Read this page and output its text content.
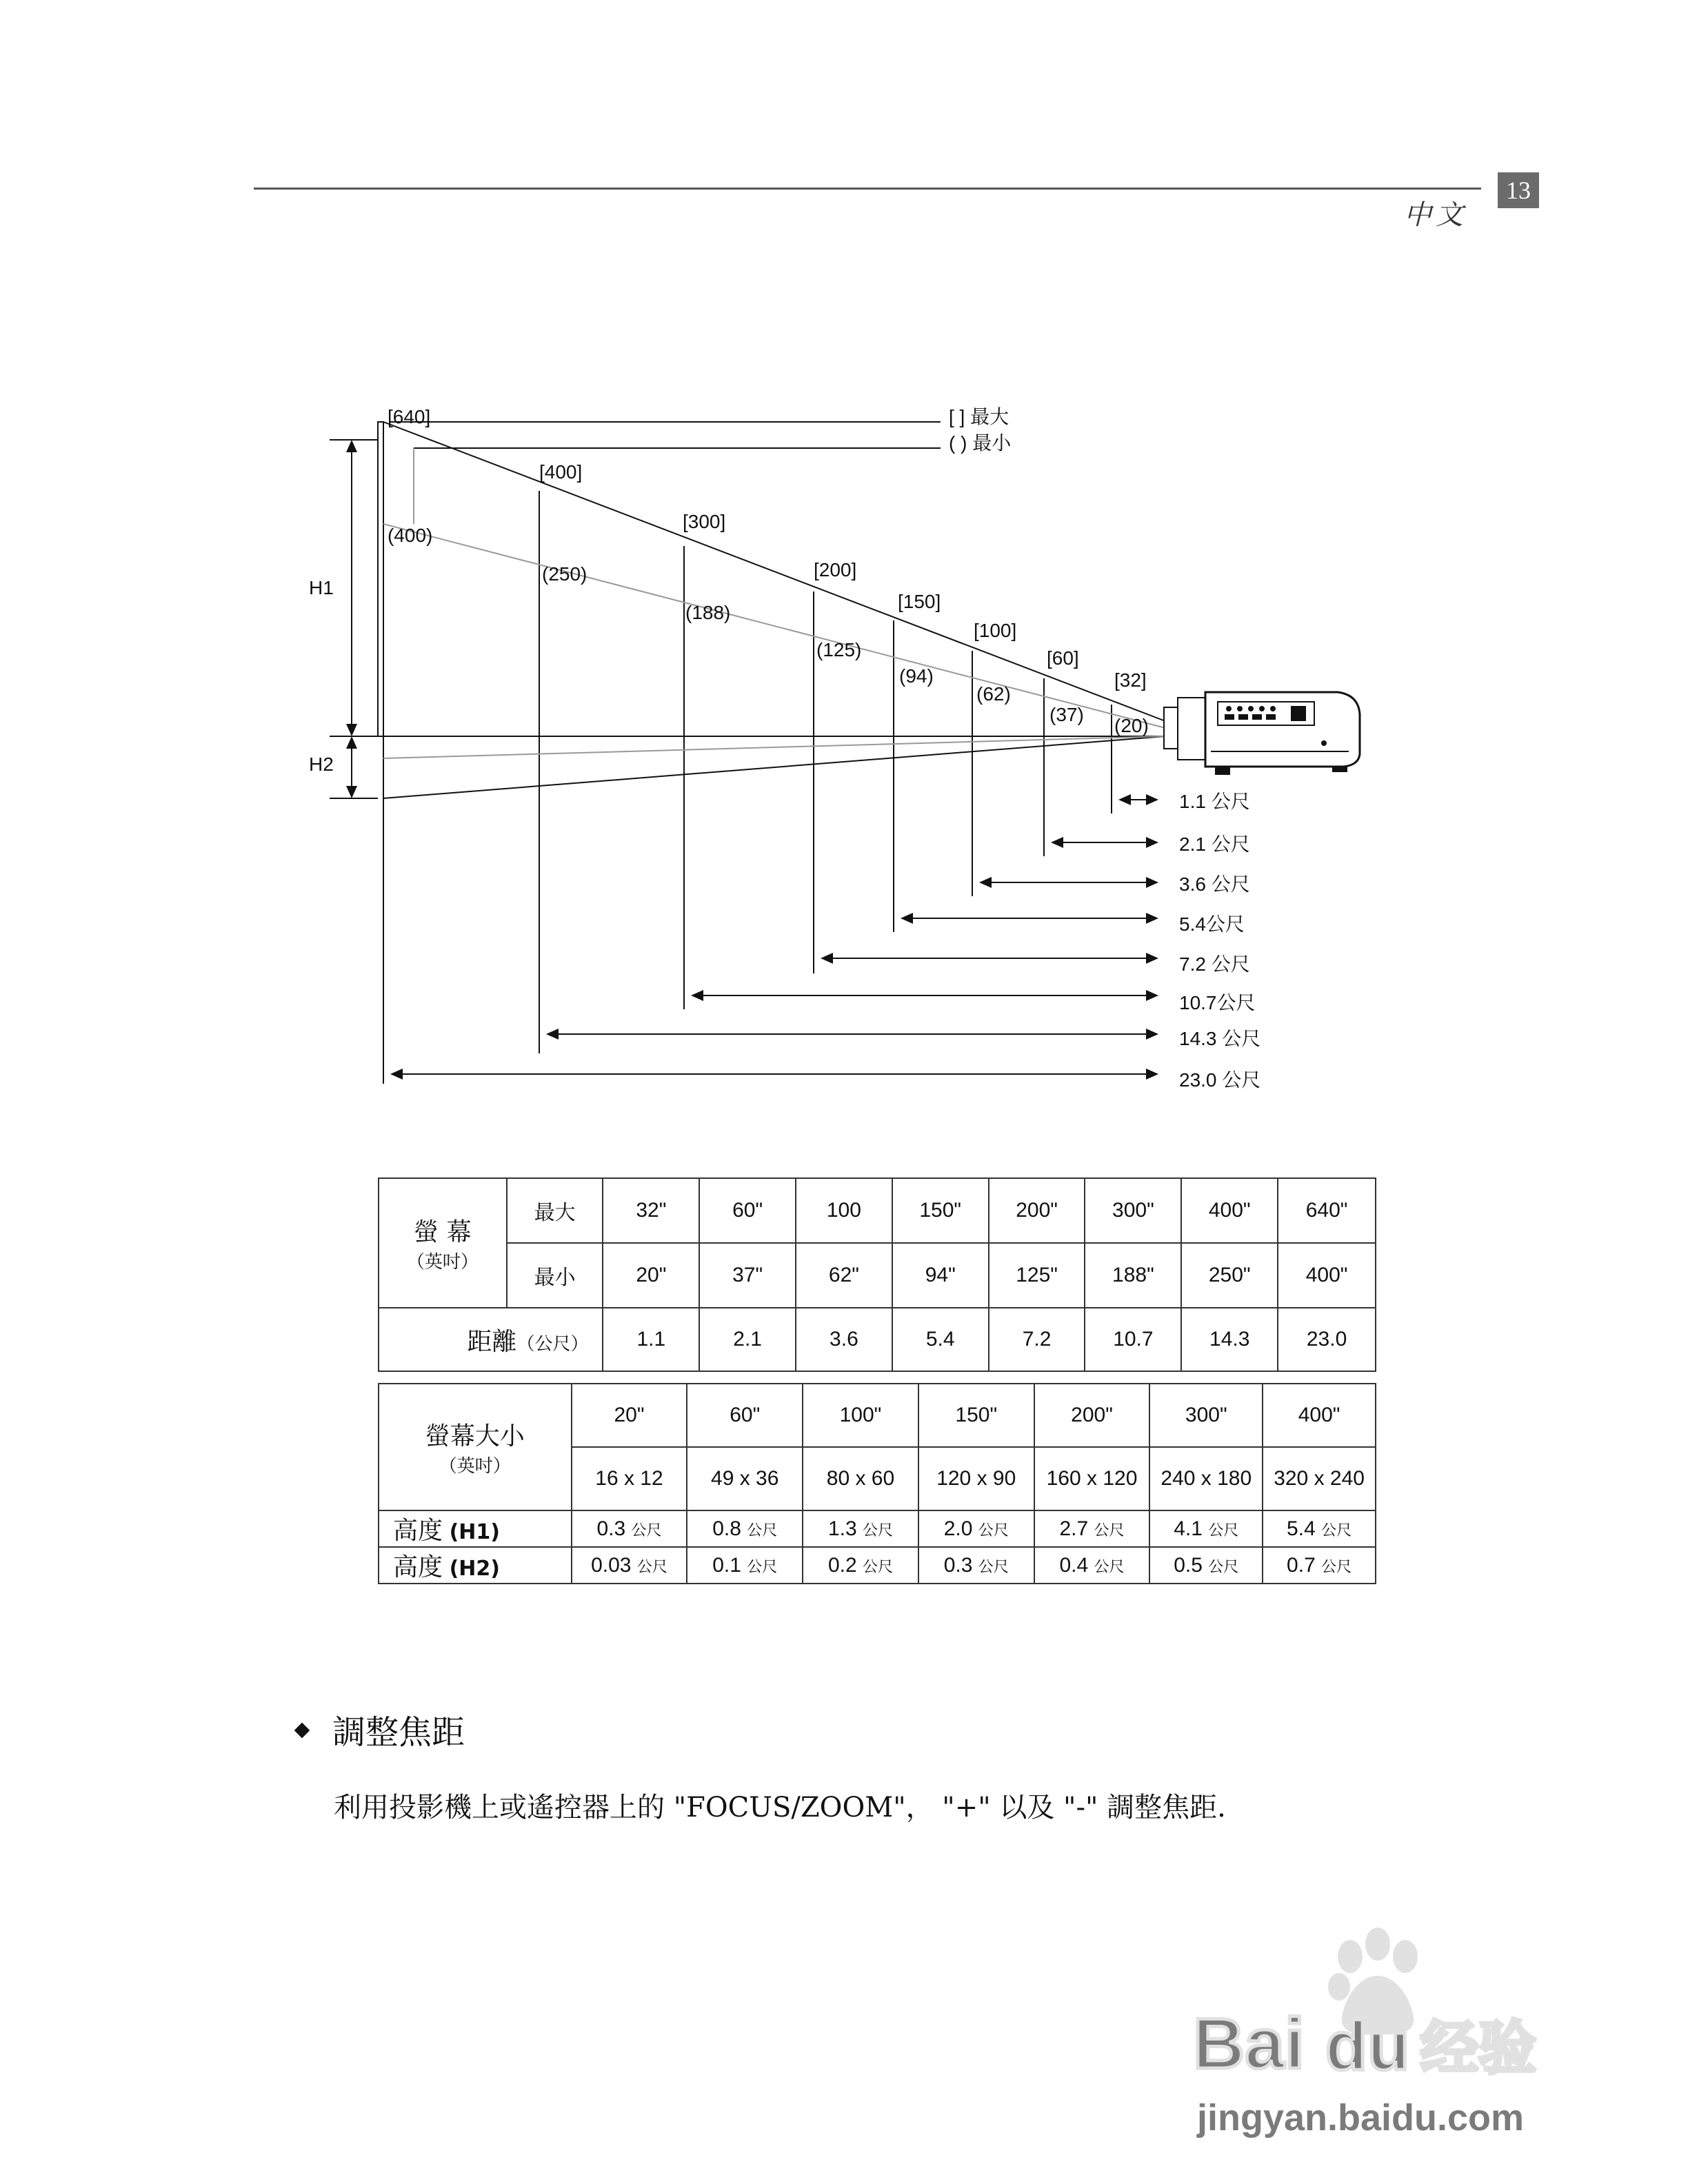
中文
13
[ ] 最大
( ) 最小
H1
H2
[640]
[400]
[300]
[200]
[150]
[100]
[60]
[32]
(400)
(250)
(188)
(125)
(94)
(62)
(37)
(20)
1.1 公尺
2.1 公尺
3.6 公尺
5.4公尺
7.2 公尺
10.7公尺
14.3 公尺
23.0 公尺
螢 幕
（英吋）	最大	32"	60"	100	150"	200"	300"	400"	640"
	最小	20"	37"	62"	94"	125"	188"	250"	400"
距離（公尺）		1.1	2.1	3.6	5.4	7.2	10.7	14.3	23.0
螢幕大小
（英吋）	20"	60"	100"	150"	200"	300"	400"
	16 x 12	49 x 36	80 x 60	120 x 90	160 x 120	240 x 180	320 x 240
高度 (H1)	0.3 公尺	0.8 公尺	1.3 公尺	2.0 公尺	2.7 公尺	4.1 公尺	5.4 公尺
高度 (H2)	0.03 公尺	0.1 公尺	0.2 公尺	0.3 公尺	0.4 公尺	0.5 公尺	0.7 公尺
調整焦距
利用投影機上或遙控器上的 "FOCUS/ZOOM"， "+" 以及 "-" 調整焦距.
Bai du 经验
jingyan.baidu.com
